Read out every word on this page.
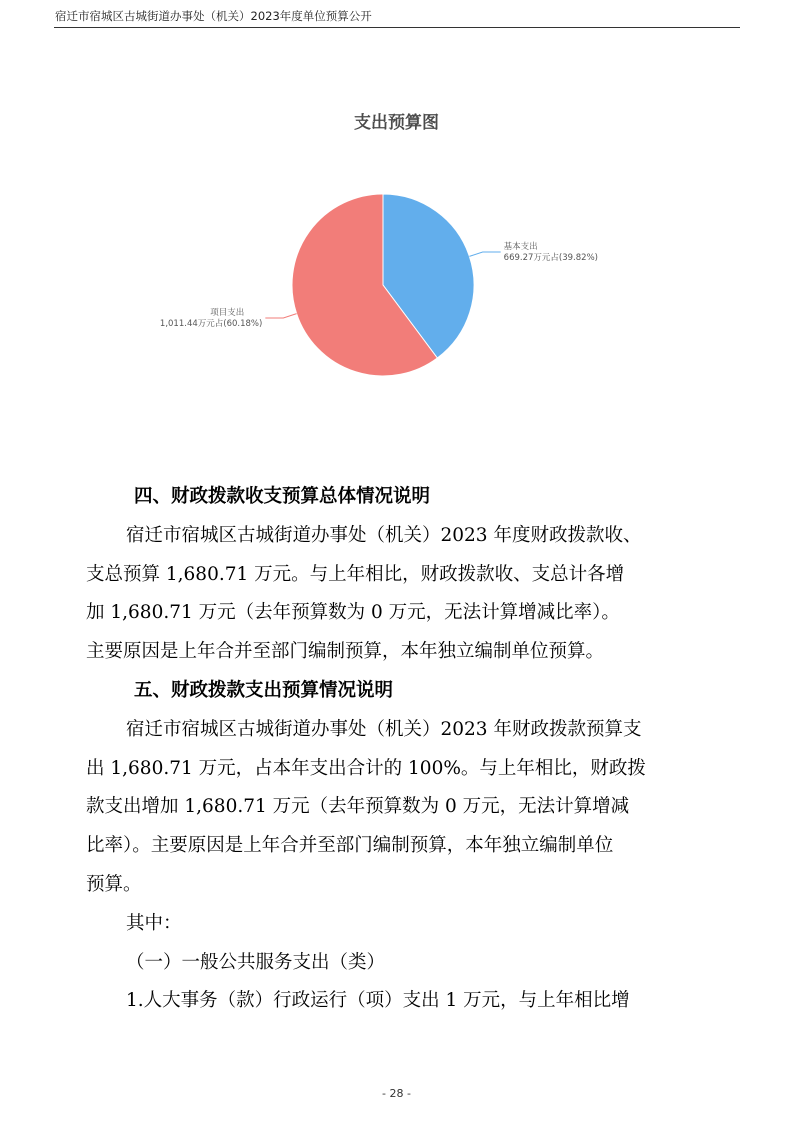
宿迁市宿城区古城街道办事处（机关）2023年度单位预算公开
支出预算图
基本支出
669.27万元占(39.82%)
项目支出
1,011.44万元占(60.18%)
四、财政拨款收支预算总体情况说明
宿迁市宿城区古城街道办事处（机关）2023 年度财政拨款收、
支总预算 1,680.71 万元。与上年相比，财政拨款收、支总计各增
加 1,680.71 万元（去年预算数为 0 万元，无法计算增减比率）。
主要原因是上年合并至部门编制预算，本年独立编制单位预算。
五、财政拨款支出预算情况说明
宿迁市宿城区古城街道办事处（机关）2023 年财政拨款预算支
出 1,680.71 万元，占本年支出合计的 100%。与上年相比，财政拨
款支出增加 1,680.71 万元（去年预算数为 0 万元，无法计算增减
比率）。主要原因是上年合并至部门编制预算，本年独立编制单位
预算。
其中：
（一）一般公共服务支出（类）
1.人大事务（款）行政运行（项）支出 1 万元，与上年相比增
- 28 -
